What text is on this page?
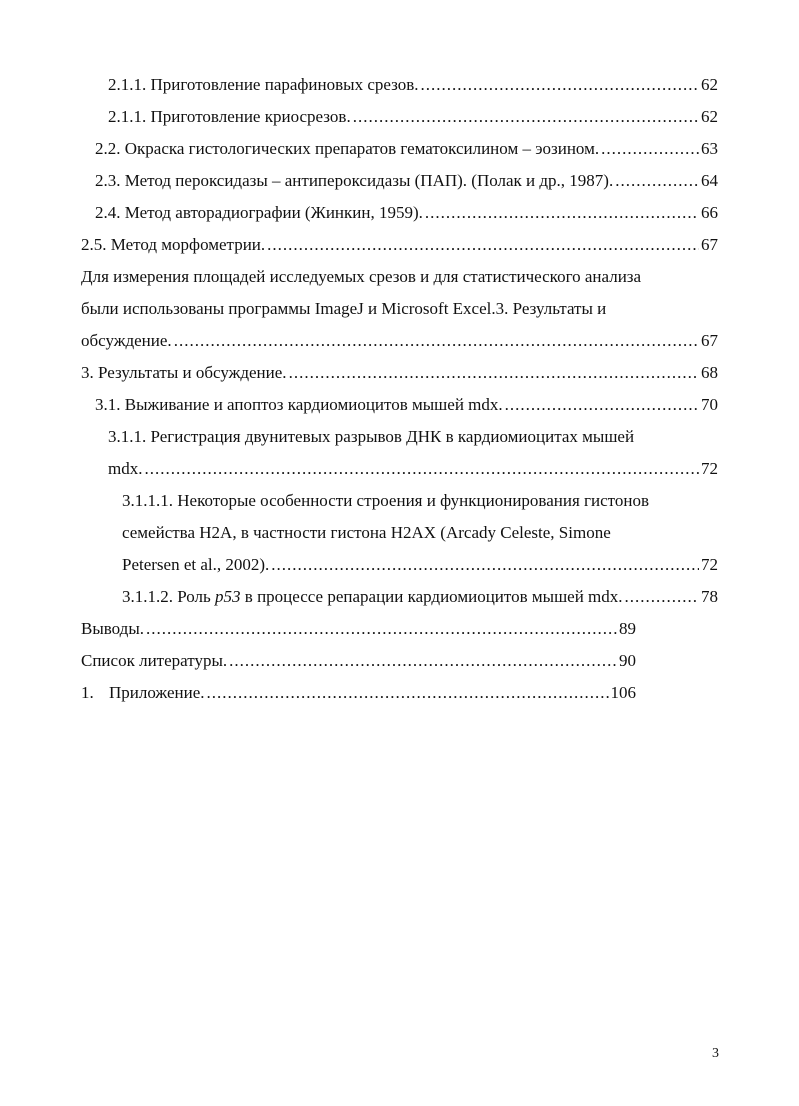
2.1.1. Приготовление парафиновых срезов. .....	62
2.1.1. Приготовление криосрезов. .....	62
2.2. Окраска гистологических препаратов гематоксилином – эозином. .....	63
2.3. Метод пероксидазы – антипероксидазы (ПАП). (Полак и др., 1987). .....	64
2.4. Метод авторадиографии (Жинкин, 1959). .....	66
2.5. Метод морфометрии. .....	67
Для измерения площадей исследуемых срезов и для статистического анализа
были использованы программы ImageJ и Microsoft Excel.3. Результаты и
обсуждение. .....	67
3. Результаты и обсуждение. .....	68
3.1. Выживание и апоптоз кардиомиоцитов мышей mdx. .....	70
3.1.1. Регистрация двунитевых разрывов ДНК в кардиомиоцитах мышей
mdx. .....	72
3.1.1.1. Некоторые особенности строения и функционирования гистонов
семейства H2A, в частности гистона H2AX (Arcady Celeste, Simone
Petersen et al., 2002). .....	72
3.1.1.2. Роль p53 в процессе репарации кардиомиоцитов мышей mdx. .....	78
Выводы. .....	89
Список литературы. .....	90
1. Приложение. .....	106
3
